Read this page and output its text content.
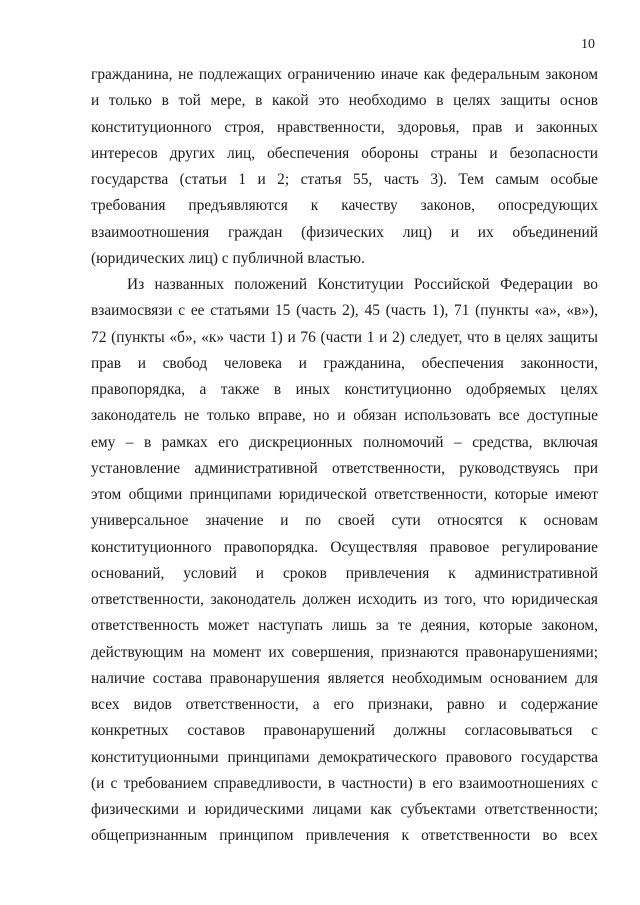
10
гражданина, не подлежащих ограничению иначе как федеральным законом
и только в той мере, в какой это необходимо в целях защиты основ
конституционного строя, нравственности, здоровья, прав и законных
интересов других лиц, обеспечения обороны страны и безопасности
государства (статьи 1 и 2; статья 55, часть 3). Тем самым особые
требования предъявляются к качеству законов, опосредующих
взаимоотношения граждан (физических лиц) и их объединений
(юридических лиц) с публичной властью.
Из названных положений Конституции Российской Федерации во
взаимосвязи с ее статьями 15 (часть 2), 45 (часть 1), 71 (пункты «а», «в»),
72 (пункты «б», «к» части 1) и 76 (части 1 и 2) следует, что в целях защиты
прав и свобод человека и гражданина, обеспечения законности,
правопорядка, а также в иных конституционно одобряемых целях
законодатель не только вправе, но и обязан использовать все доступные
ему – в рамках его дискреционных полномочий – средства, включая
установление административной ответственности, руководствуясь при
этом общими принципами юридической ответственности, которые имеют
универсальное значение и по своей сути относятся к основам
конституционного правопорядка. Осуществляя правовое регулирование
оснований, условий и сроков привлечения к административной
ответственности, законодатель должен исходить из того, что юридическая
ответственность может наступать лишь за те деяния, которые законом,
действующим на момент их совершения, признаются правонарушениями;
наличие состава правонарушения является необходимым основанием для
всех видов ответственности, а его признаки, равно и содержание
конкретных составов правонарушений должны согласовываться с
конституционными принципами демократического правового государства
(и с требованием справедливости, в частности) в его взаимоотношениях с
физическими и юридическими лицами как субъектами ответственности;
общепризнанным принципом привлечения к ответственности во всех
